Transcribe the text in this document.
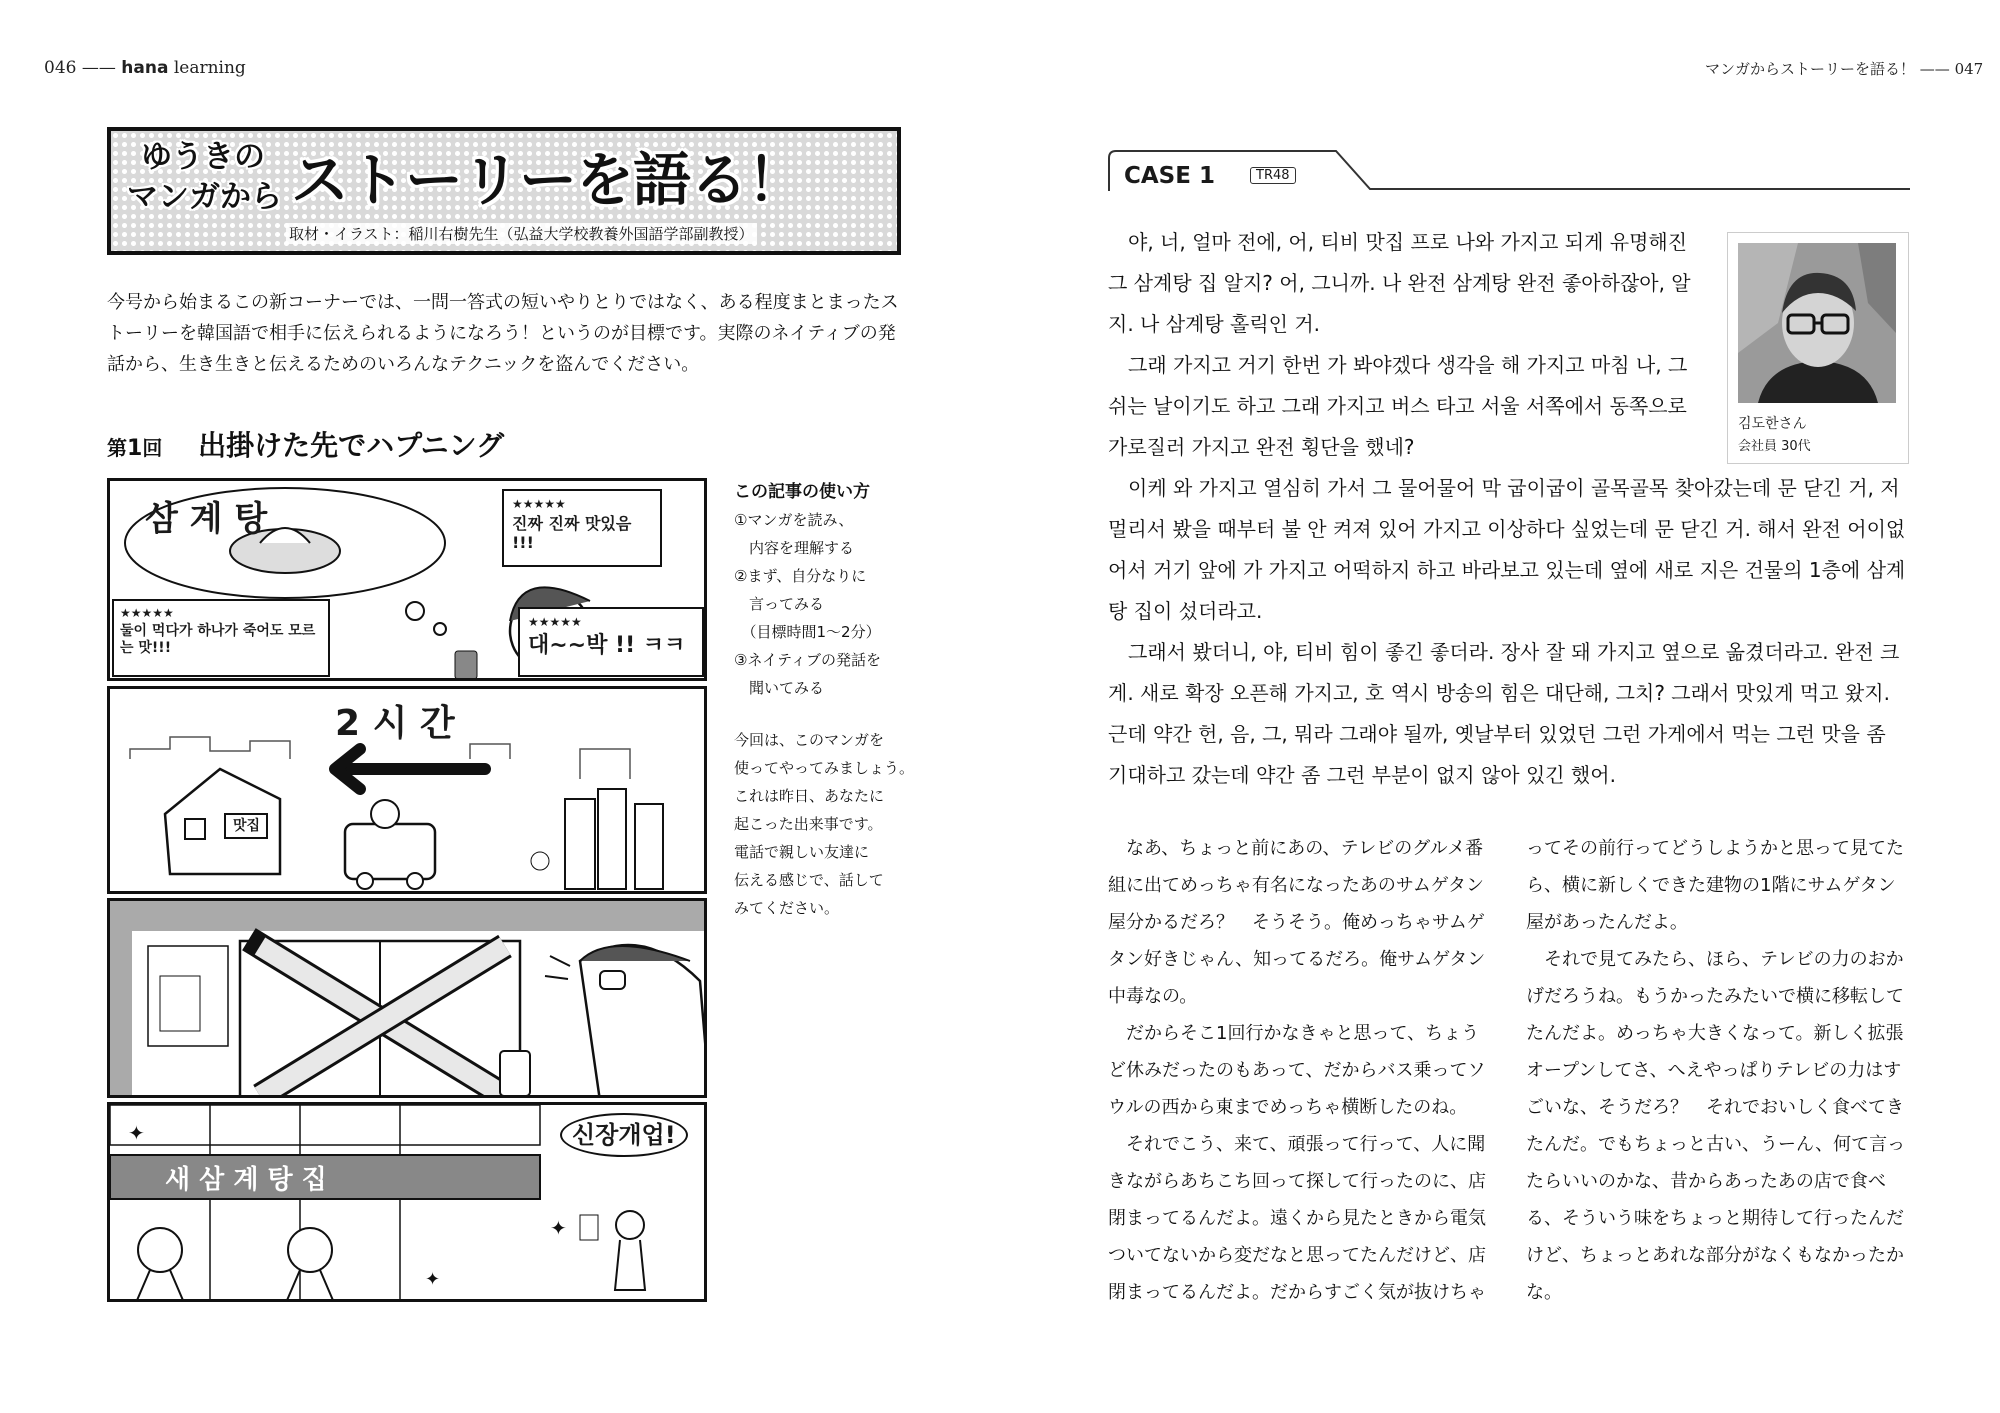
046 —— hana learning
ゆうきの
マンガから ストーリーを語る！
取材・イラスト：稲川右樹先生（弘益大学校教養外国語学部副教授）
今号から始まるこの新コーナーでは、一問一答式の短いやりとりではなく、ある程度まとまったストーリーを韓国語で相手に伝えられるようになろう！というのが目標です。実際のネイティブの発話から、生き生きと伝えるためのいろんなテクニックを盗んでください。
第1回 出掛けた先でハプニング
삼 계 탕	★★★★★
진짜 진짜 맛있음 !!!
★★★★★
둘이 먹다가 하나가 죽어도 모르는 맛!!!
★★★★★
대~~박 !! ㅋㅋ
2 시 간
맛집
✦
✦
✦
새 삼 계 탕 집
신장개업!
この記事の使い方
①マンガを読み、
　内容を理解する
②まず、自分なりに
　言ってみる
　（目標時間1〜2分）
③ネイティブの発話を
　聞いてみる
今回は、このマンガを
使ってやってみましょう。
これは昨日、あなたに
起こった出来事です。
電話で親しい友達に
伝える感じで、話して
みてください。
マンガからストーリーを語る！ —— 047
CASE 1	TR48
김도한さん
会社員 30代

야, 너, 얼마 전에, 어, 티비 맛집 프로 나와 가지고 되게 유명해진 그 삼계탕 집 알지? 어, 그니까. 나 완전 삼계탕 완전 좋아하잖아, 알지. 나 삼계탕 홀릭인 거.

그래 가지고 거기 한번 가 봐야겠다 생각을 해 가지고 마침 나, 그 쉬는 날이기도 하고 그래 가지고 버스 타고 서울 서쪽에서 동쪽으로 가로질러 가지고 완전 횡단을 했네?

이케 와 가지고 열심히 가서 그 물어물어 막 굽이굽이 골목골목 찾아갔는데 문 닫긴 거, 저 멀리서 봤을 때부터 불 안 켜져 있어 가지고 이상하다 싶었는데 문 닫긴 거. 해서 완전 어이없어서 거기 앞에 가 가지고 어떡하지 하고 바라보고 있는데 옆에 새로 지은 건물의 1층에 삼계탕 집이 섰더라고.

그래서 봤더니, 야, 티비 힘이 좋긴 좋더라. 장사 잘 돼 가지고 옆으로 옮겼더라고. 완전 크게. 새로 확장 오픈해 가지고, 호 역시 방송의 힘은 대단해, 그치? 그래서 맛있게 먹고 왔지. 근데 약간 헌, 음, 그, 뭐라 그래야 될까, 옛날부터 있었던 그런 가게에서 먹는 그런 맛을 좀 기대하고 갔는데 약간 좀 그런 부분이 없지 않아 있긴 했어.

なあ、ちょっと前にあの、テレビのグルメ番組に出てめっちゃ有名になったあのサムゲタン屋分かるだろ？　そうそう。俺めっちゃサムゲタン好きじゃん、知ってるだろ。俺サムゲタン中毒なの。

だからそこ1回行かなきゃと思って、ちょうど休みだったのもあって、だからバス乗ってソウルの西から東までめっちゃ横断したのね。

それでこう、来て、頑張って行って、人に聞きながらあちこち回って探して行ったのに、店閉まってるんだよ。遠くから見たときから電気ついてないから変だなと思ってたんだけど、店閉まってるんだよ。だからすごく気が抜けちゃってその前行ってどうしようかと思って見てたら、横に新しくできた建物の1階にサムゲタン屋があったんだよ。

それで見てみたら、ほら、テレビの力のおかげだろうね。もうかったみたいで横に移転してたんだよ。めっちゃ大きくなって。新しく拡張オープンしてさ、へえやっぱりテレビの力はすごいな、そうだろ？　それでおいしく食べてきたんだ。でもちょっと古い、うーん、何て言ったらいいのかな、昔からあったあの店で食べる、そういう味をちょっと期待して行ったんだけど、ちょっとあれな部分がなくもなかったかな。
